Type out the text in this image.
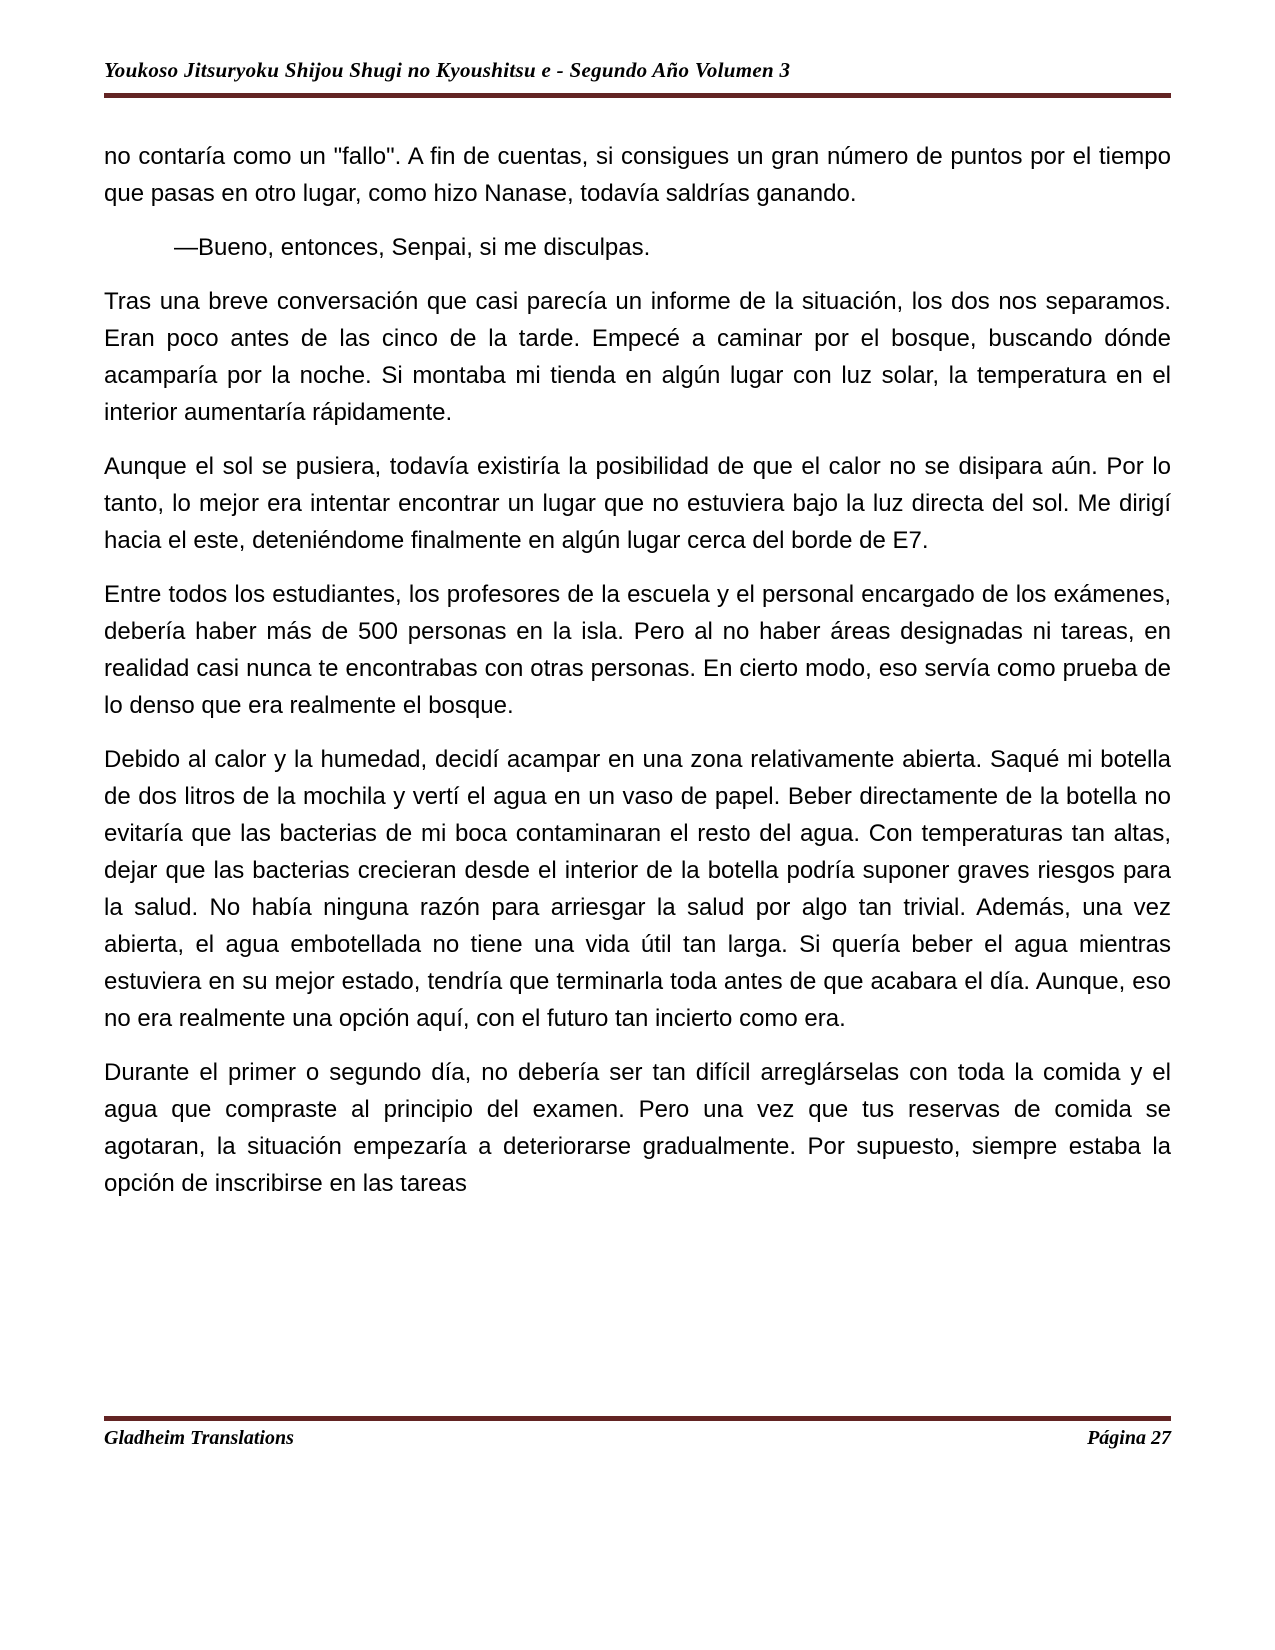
Youkoso Jitsuryoku Shijou Shugi no Kyoushitsu e - Segundo Año Volumen 3

no contaría como un "fallo". A fin de cuentas, si consigues un gran número de puntos por el tiempo que pasas en otro lugar, como hizo Nanase, todavía saldrías ganando.

—Bueno, entonces, Senpai, si me disculpas.

Tras una breve conversación que casi parecía un informe de la situación, los dos nos separamos. Eran poco antes de las cinco de la tarde. Empecé a caminar por el bosque, buscando dónde acamparía por la noche. Si montaba mi tienda en algún lugar con luz solar, la temperatura en el interior aumentaría rápidamente.

Aunque el sol se pusiera, todavía existiría la posibilidad de que el calor no se disipara aún. Por lo tanto, lo mejor era intentar encontrar un lugar que no estuviera bajo la luz directa del sol. Me dirigí hacia el este, deteniéndome finalmente en algún lugar cerca del borde de E7.

Entre todos los estudiantes, los profesores de la escuela y el personal encargado de los exámenes, debería haber más de 500 personas en la isla. Pero al no haber áreas designadas ni tareas, en realidad casi nunca te encontrabas con otras personas. En cierto modo, eso servía como prueba de lo denso que era realmente el bosque.

Debido al calor y la humedad, decidí acampar en una zona relativamente abierta. Saqué mi botella de dos litros de la mochila y vertí el agua en un vaso de papel. Beber directamente de la botella no evitaría que las bacterias de mi boca contaminaran el resto del agua. Con temperaturas tan altas, dejar que las bacterias crecieran desde el interior de la botella podría suponer graves riesgos para la salud. No había ninguna razón para arriesgar la salud por algo tan trivial. Además, una vez abierta, el agua embotellada no tiene una vida útil tan larga. Si quería beber el agua mientras estuviera en su mejor estado, tendría que terminarla toda antes de que acabara el día. Aunque, eso no era realmente una opción aquí, con el futuro tan incierto como era.

Durante el primer o segundo día, no debería ser tan difícil arreglárselas con toda la comida y el agua que compraste al principio del examen. Pero una vez que tus reservas de comida se agotaran, la situación empezaría a deteriorarse gradualmente. Por supuesto, siempre estaba la opción de inscribirse en las tareas

Gladheim Translations	Página 27
